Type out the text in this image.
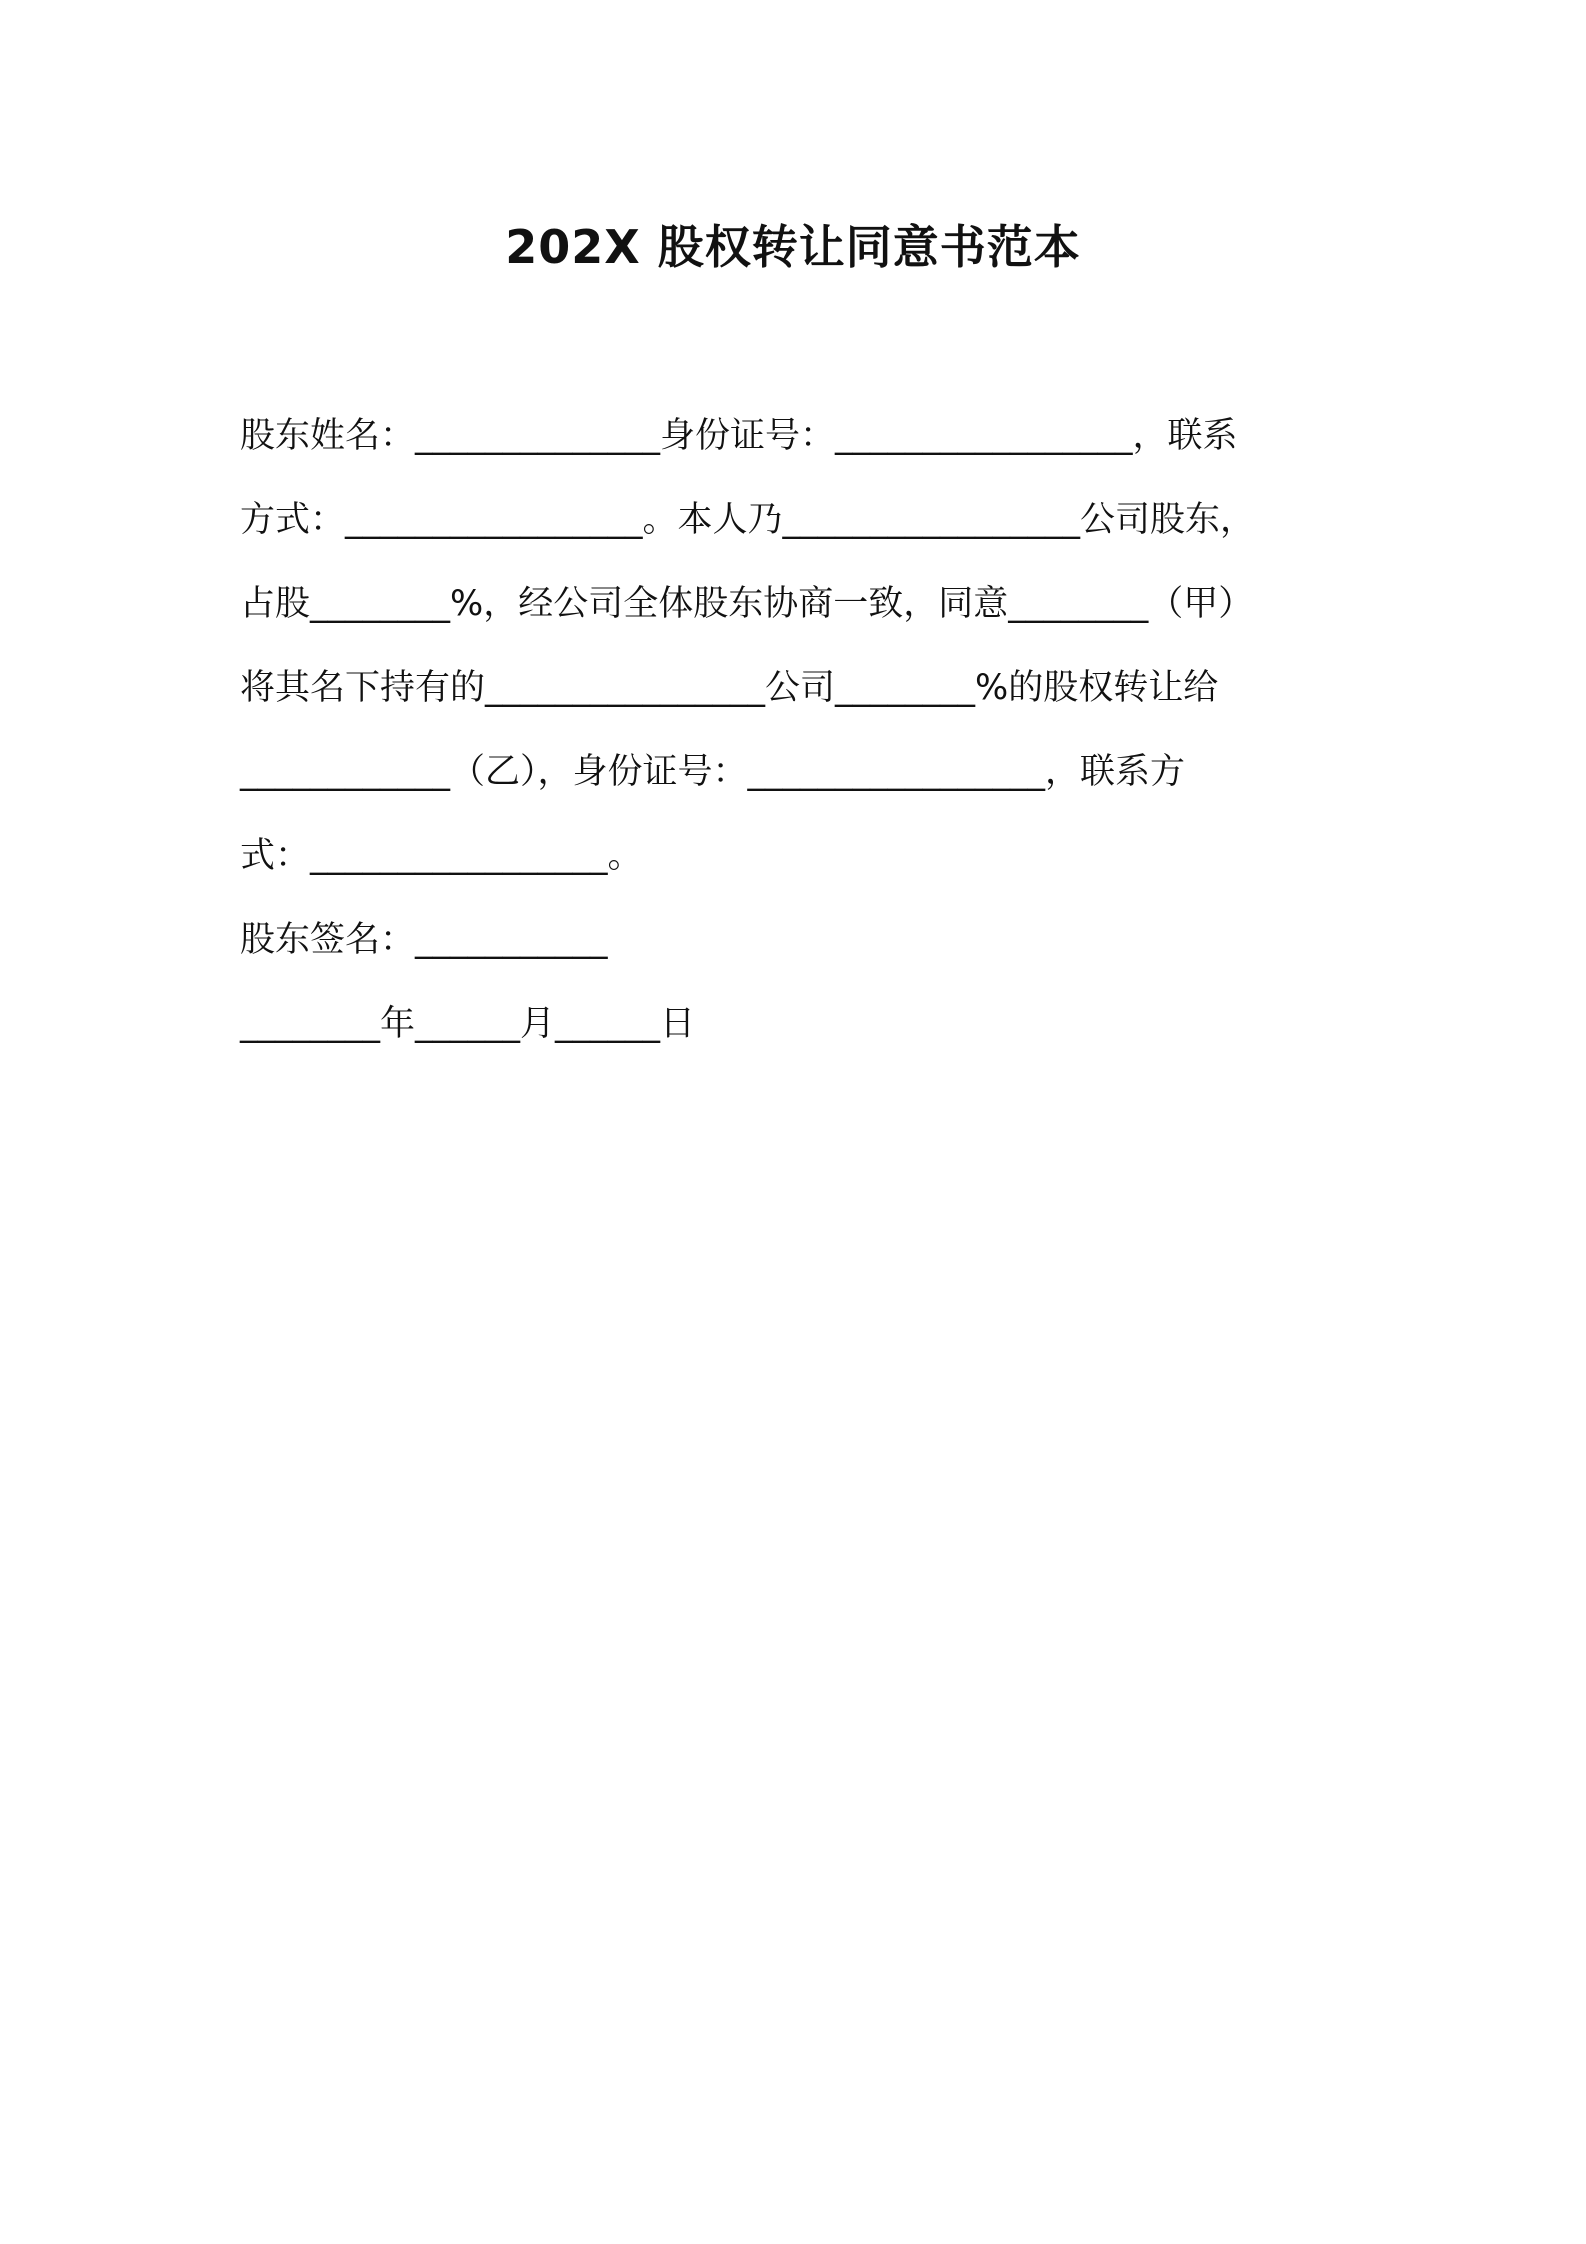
202X 股权转让同意书范本
股东姓名：______________身份证号：_________________，联系
方式：_________________。本人乃_________________公司股东，
占股________%，经公司全体股东协商一致，同意________（甲）
将其名下持有的________________公司________%的股权转让给
____________（乙），身份证号：_________________，联系方
式：_________________。
股东签名：___________
________年______月______日
